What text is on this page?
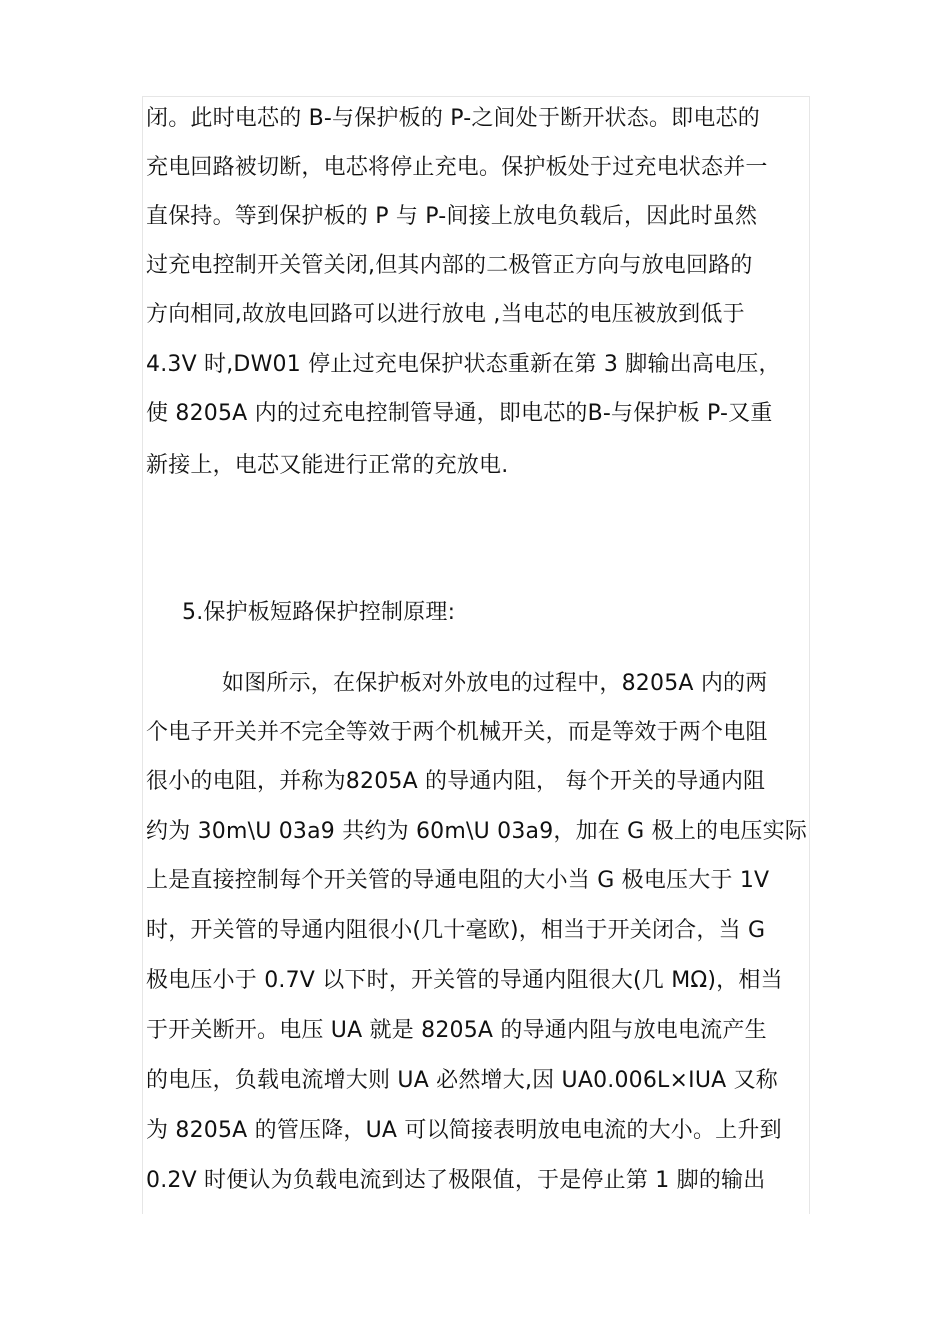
闭。此时电芯的 B-与保护板的 P-之间处于断开状态。即电芯的
充电回路被切断，电芯将停止充电。保护板处于过充电状态并一
直保持。等到保护板的 P 与 P-间接上放电负载后，因此时虽然
过充电控制开关管关闭,但其内部的二极管正方向与放电回路的
方向相同,故放电回路可以进行放电 ,当电芯的电压被放到低于
4.3V 时,DW01 停止过充电保护状态重新在第 3 脚输出高电压，
使 8205A 内的过充电控制管导通，即电芯的B-与保护板 P-又重
新接上，电芯又能进行正常的充放电.
5.保护板短路保护控制原理:
如图所示，在保护板对外放电的过程中，8205A 内的两
个电子开关并不完全等效于两个机械开关，而是等效于两个电阻
很小的电阻，并称为8205A 的导通内阻， 每个开关的导通内阻
约为 30m\U 03a9 共约为 60m\U 03a9，加在 G 极上的电压实际
上是直接控制每个开关管的导通电阻的大小当 G 极电压大于 1V
时，开关管的导通内阻很小(几十毫欧)，相当于开关闭合，当 G
极电压小于 0.7V 以下时，开关管的导通内阻很大(几 MΩ)，相当
于开关断开。电压 UA 就是 8205A 的导通内阻与放电电流产生
的电压，负载电流增大则 UA 必然增大,因 UA0.006L×IUA 又称
为 8205A 的管压降，UA 可以简接表明放电电流的大小。上升到
0.2V 时便认为负载电流到达了极限值，于是停止第 1 脚的输出
